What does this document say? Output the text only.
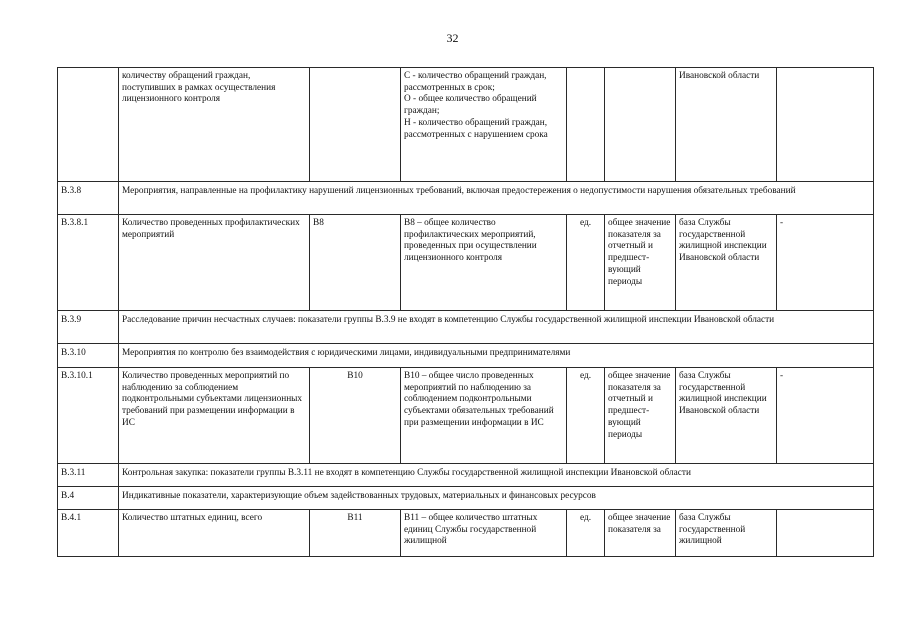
32
	количеству обращений граждан, поступивших в рамках осуществления лицензионного контроля		С - количество обращений граждан, рассмотренных в срок;
О - общее количество обращений граждан;
Н - количество обращений граждан, рассмотренных с нарушением срока			Ивановской области	
В.3.8	Мероприятия, направленные на профилактику нарушений лицензионных требований, включая предостережения о недопустимости нарушения обязательных требований						
В.3.8.1	Количество проведенных профилактических мероприятий	В8	В8 – общее количество профилактических мероприятий, проведенных при осуществлении лицензионного контроля	ед.	общее значение показателя за отчетный и предшест-вующий периоды	база Службы государственной жилищной инспекции Ивановской области	-
В.3.9	Расследование причин несчастных случаев: показатели группы В.3.9 не входят в компетенцию Службы государственной жилищной инспекции Ивановской области						
В.3.10	Мероприятия по контролю без взаимодействия с юридическими лицами, индивидуальными предпринимателями						
В.3.10.1	Количество проведенных мероприятий по наблюдению за соблюдением подконтрольными субъектами лицензионных требований при размещении информации в ИС	В10	В10 – общее число проведенных мероприятий по наблюдению за соблюдением подконтрольными субъектами обязательных требований при размещении информации в ИС	ед.	общее значение показателя за отчетный и предшест-вующий периоды	база Службы государственной жилищной инспекции Ивановской области	-
В.3.11	Контрольная закупка: показатели группы В.3.11 не входят в компетенцию Службы государственной жилищной инспекции Ивановской области						
В.4	Индикативные показатели, характеризующие объем задействованных трудовых, материальных и финансовых ресурсов						
В.4.1	Количество штатных единиц, всего	В11	В11 – общее количество штатных единиц Службы государственной жилищной	ед.	общее значение показателя за	база Службы государственной жилищной	
